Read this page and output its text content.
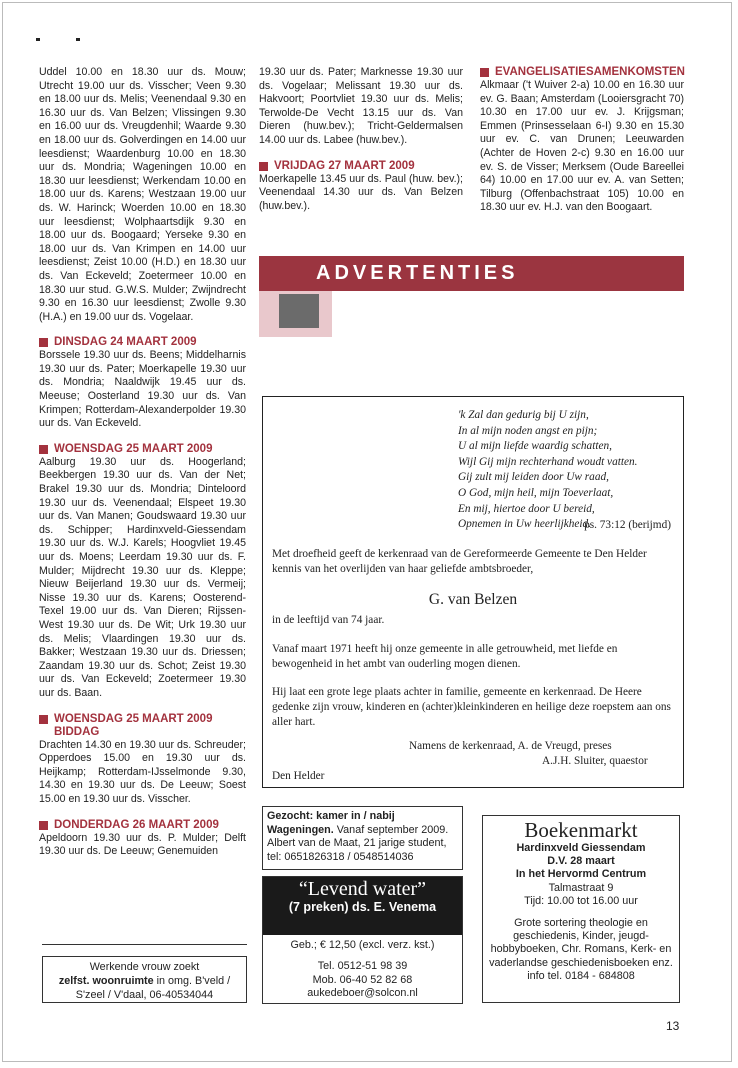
Uddel 10.00 en 18.30 uur ds. Mouw; Utrecht 19.00 uur ds. Visscher; Veen 9.30 en 18.00 uur ds. Melis; Veenendaal 9.30 en 16.30 uur ds. Van Belzen; Vlissingen 9.30 en 16.00 uur ds. Vreugdenhil; Waarde 9.30 en 18.00 uur ds. Golverdingen en 14.00 uur leesdienst; Waardenburg 10.00 en 18.30 uur ds. Mondria; Wageningen 10.00 en 18.30 uur leesdienst; Werkendam 10.00 en 18.00 uur ds. Karens; Westzaan 19.00 uur ds. W. Harinck; Woerden 10.00 en 18.30 uur leesdienst; Wolphaartsdijk 9.30 en 18.00 uur ds. Boogaard; Yerseke 9.30 en 18.00 uur ds. Van Krimpen en 14.00 uur leesdienst; Zeist 10.00 (H.D.) en 18.30 uur ds. Van Eckeveld; Zoetermeer 10.00 en 18.30 uur stud. G.W.S. Mulder; Zwijndrecht 9.30 en 16.30 uur leesdienst; Zwolle 9.30 (H.A.) en 19.00 uur ds. Vogelaar.

DINSDAG 24 MAART 2009

Borssele 19.30 uur ds. Beens; Middelharnis 19.30 uur ds. Pater; Moerkapelle 19.30 uur ds. Mondria; Naaldwijk 19.45 uur ds. Meeuse; Oosterland 19.30 uur ds. Van Krimpen; Rotterdam-Alexanderpolder 19.30 uur ds. Van Eckeveld.

WOENSDAG 25 MAART 2009

Aalburg 19.30 uur ds. Hoogerland; Beekbergen 19.30 uur ds. Van der Net; Brakel 19.30 uur ds. Mondria; Dinteloord 19.30 uur ds. Veenendaal; Elspeet 19.30 uur ds. Van Manen; Goudswaard 19.30 uur ds. Schipper; Hardinxveld-Giessendam 19.30 uur ds. W.J. Karels; Hoogvliet 19.45 uur ds. Moens; Leerdam 19.30 uur ds. F. Mulder; Mijdrecht 19.30 uur ds. Kleppe; Nieuw Beijerland 19.30 uur ds. Vermeij; Nisse 19.30 uur ds. Karens; Oosterend-Texel 19.00 uur ds. Van Dieren; Rijssen-West 19.30 uur ds. De Wit; Urk 19.30 uur ds. Melis; Vlaardingen 19.30 uur ds. Bakker; Westzaan 19.30 uur ds. Driessen; Zaandam 19.30 uur ds. Schot; Zeist 19.30 uur ds. Van Eckeveld; Zoetermeer 19.30 uur ds. Baan.

WOENSDAG 25 MAART 2009
BIDDAG

Drachten 14.30 en 19.30 uur ds. Schreuder; Opperdoes 15.00 en 19.30 uur ds. Heijkamp; Rotterdam-IJsselmonde 9.30, 14.30 en 19.30 uur ds. De Leeuw; Soest 15.00 en 19.30 uur ds. Visscher.

DONDERDAG 26 MAART 2009

Apeldoorn 19.30 uur ds. P. Mulder; Delft 19.30 uur ds. De Leeuw; Genemuiden

19.30 uur ds. Pater; Marknesse 19.30 uur ds. Vogelaar; Melissant 19.30 uur ds. Hakvoort; Poortvliet 19.30 uur ds. Melis; Terwolde-De Vecht 13.15 uur ds. Van Dieren (huw.bev.); Tricht-Geldermalsen 14.00 uur ds. Labee (huw.bev.).

VRIJDAG 27 MAART 2009

Moerkapelle 13.45 uur ds. Paul (huw. bev.); Veenendaal 14.30 uur ds. Van Belzen (huw.bev.).

EVANGELISATIESAMENKOMSTEN

Alkmaar ('t Wuiver 2-a) 10.00 en 16.30 uur ev. G. Baan; Amsterdam (Looiersgracht 70) 10.30 en 17.00 uur ev. J. Krijgsman; Emmen (Prinsesselaan 6-I) 9.30 en 15.30 uur ev. C. van Drunen; Leeuwarden (Achter de Hoven 2-c) 9.30 en 16.00 uur ev. S. de Visser; Merksem (Oude Bareellei 64) 10.00 en 17.00 uur ev. A. van Setten; Tilburg (Offenbachstraat 105) 10.00 en 18.30 uur ev. H.J. van den Boogaart.

ADVERTENTIES
'k Zal dan gedurig bij U zijn,
In al mijn noden angst en pijn;
U al mijn liefde waardig schatten,
Wijl Gij mijn rechterhand woudt vatten.
Gij zult mij leiden door Uw raad,
O God, mijn heil, mijn Toeverlaat,
En mij, hiertoe door U bereid,
Opnemen in Uw heerlijkheid.
ps. 73:12 (berijmd)
Met droefheid geeft de kerkenraad van de Gereformeerde Gemeente te Den Helder kennis van het overlijden van haar geliefde ambtsbroeder,
G. van Belzen
in de leeftijd van 74 jaar.
Vanaf maart 1971 heeft hij onze gemeente in alle getrouwheid, met liefde en bewogenheid in het ambt van ouderling mogen dienen.
Hij laat een grote lege plaats achter in familie, gemeente en kerkenraad. De Heere gedenke zijn vrouw, kinderen en (achter)kleinkinderen en heilige deze roepstem aan ons aller hart.
Namens de kerkenraad, A. de Vreugd, preses
A.J.H. Sluiter, quaestor
Den Helder
Gezocht: kamer in / nabij Wageningen. Vanaf september 2009. Albert van de Maat, 21 jarige student, tel: 0651826318 / 0548514036
“Levend water”
(7 preken) ds. E. Venema
Geb.; € 12,50 (excl. verz. kst.)
Tel. 0512-51 98 39
Mob. 06-40 52 82 68
aukedeboer@solcon.nl
Boekenmarkt
Hardinxveld Giessendam
D.V. 28 maart
In het Hervormd Centrum
Talmastraat 9
Tijd: 10.00 tot 16.00 uur
Grote sortering theologie en geschiedenis, Kinder, jeugd-hobbyboeken, Chr. Romans, Kerk- en vaderlandse geschiedenisboeken enz.
info tel. 0184 - 684808
Werkende vrouw zoekt
zelfst. woonruimte in omg. B'veld / S'zeel / V'daal, 06-40534044
13
